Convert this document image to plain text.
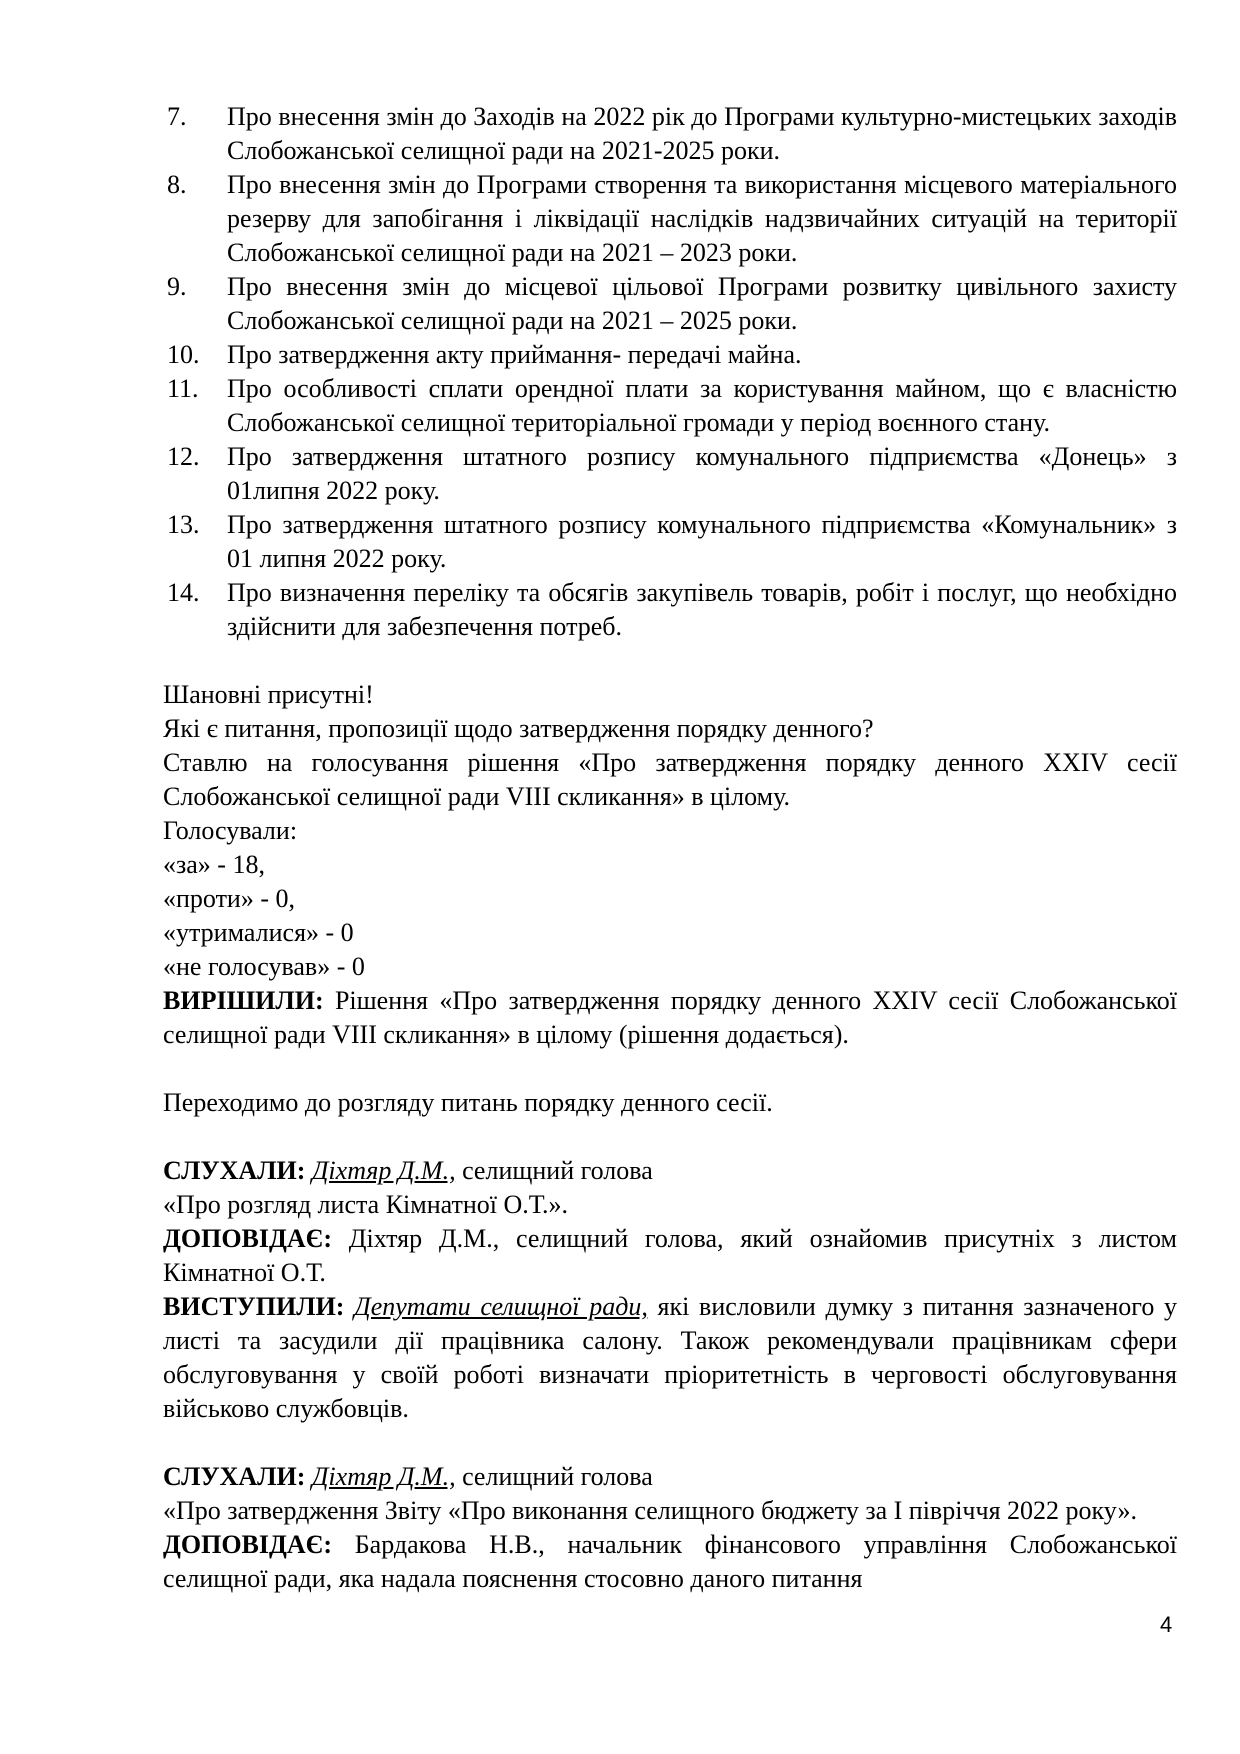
7.	Про внесення змін до Заходів на 2022 рік до Програми культурно-мистецьких заходів Слобожанської селищної ради на 2021-2025 роки.
8.	Про внесення змін до Програми створення та використання місцевого матеріального резерву для запобігання і ліквідації наслідків надзвичайних ситуацій на території Слобожанської селищної ради на 2021 – 2023 роки.
9.	Про внесення змін до місцевої цільової Програми розвитку цивільного захисту Слобожанської селищної ради на 2021 – 2025 роки.
10.	Про затвердження акту приймання- передачі майна.
11.	Про особливості сплати орендної плати за користування майном, що є власністю Слобожанської селищної територіальної громади у період воєнного стану.
12.	Про затвердження штатного розпису комунального підприємства «Донець» з 01липня 2022 року.
13.	Про затвердження штатного розпису комунального підприємства «Комунальник» з 01 липня 2022 року.
14.	Про визначення переліку та обсягів закупівель товарів, робіт і послуг, що необхідно здійснити для забезпечення потреб.

Шановні присутні!

Які є питання, пропозиції щодо затвердження порядку денного?

Ставлю на голосування рішення «Про затвердження порядку денного XXIV сесії Слобожанської селищної ради VIII скликання» в цілому.

Голосували:

«за» - 18,

«проти» - 0,

«утрималися» - 0

«не голосував» - 0

ВИРІШИЛИ: Рішення «Про затвердження порядку денного XXIV сесії Слобожанської селищної ради VIII скликання» в цілому (рішення додається).

Переходимо до розгляду питань порядку денного сесії.

СЛУХАЛИ: Діхтяр Д.М., селищний голова

«Про розгляд листа Кімнатної О.Т.».

ДОПОВІДАЄ: Діхтяр Д.М., селищний голова, який ознайомив присутніх з листом Кімнатної О.Т.

ВИСТУПИЛИ: Депутати селищної ради, які висловили думку з питання зазначеного у листі та засудили дії працівника салону. Також рекомендували працівникам сфери обслуговування у своїй роботі визначати пріоритетність в черговості обслуговування військово службовців.

СЛУХАЛИ: Діхтяр Д.М., селищний голова

«Про затвердження Звіту «Про виконання селищного бюджету за І півріччя 2022 року».

ДОПОВІДАЄ: Бардакова Н.В., начальник фінансового управління Слобожанської селищної ради, яка надала пояснення стосовно даного питання

4
